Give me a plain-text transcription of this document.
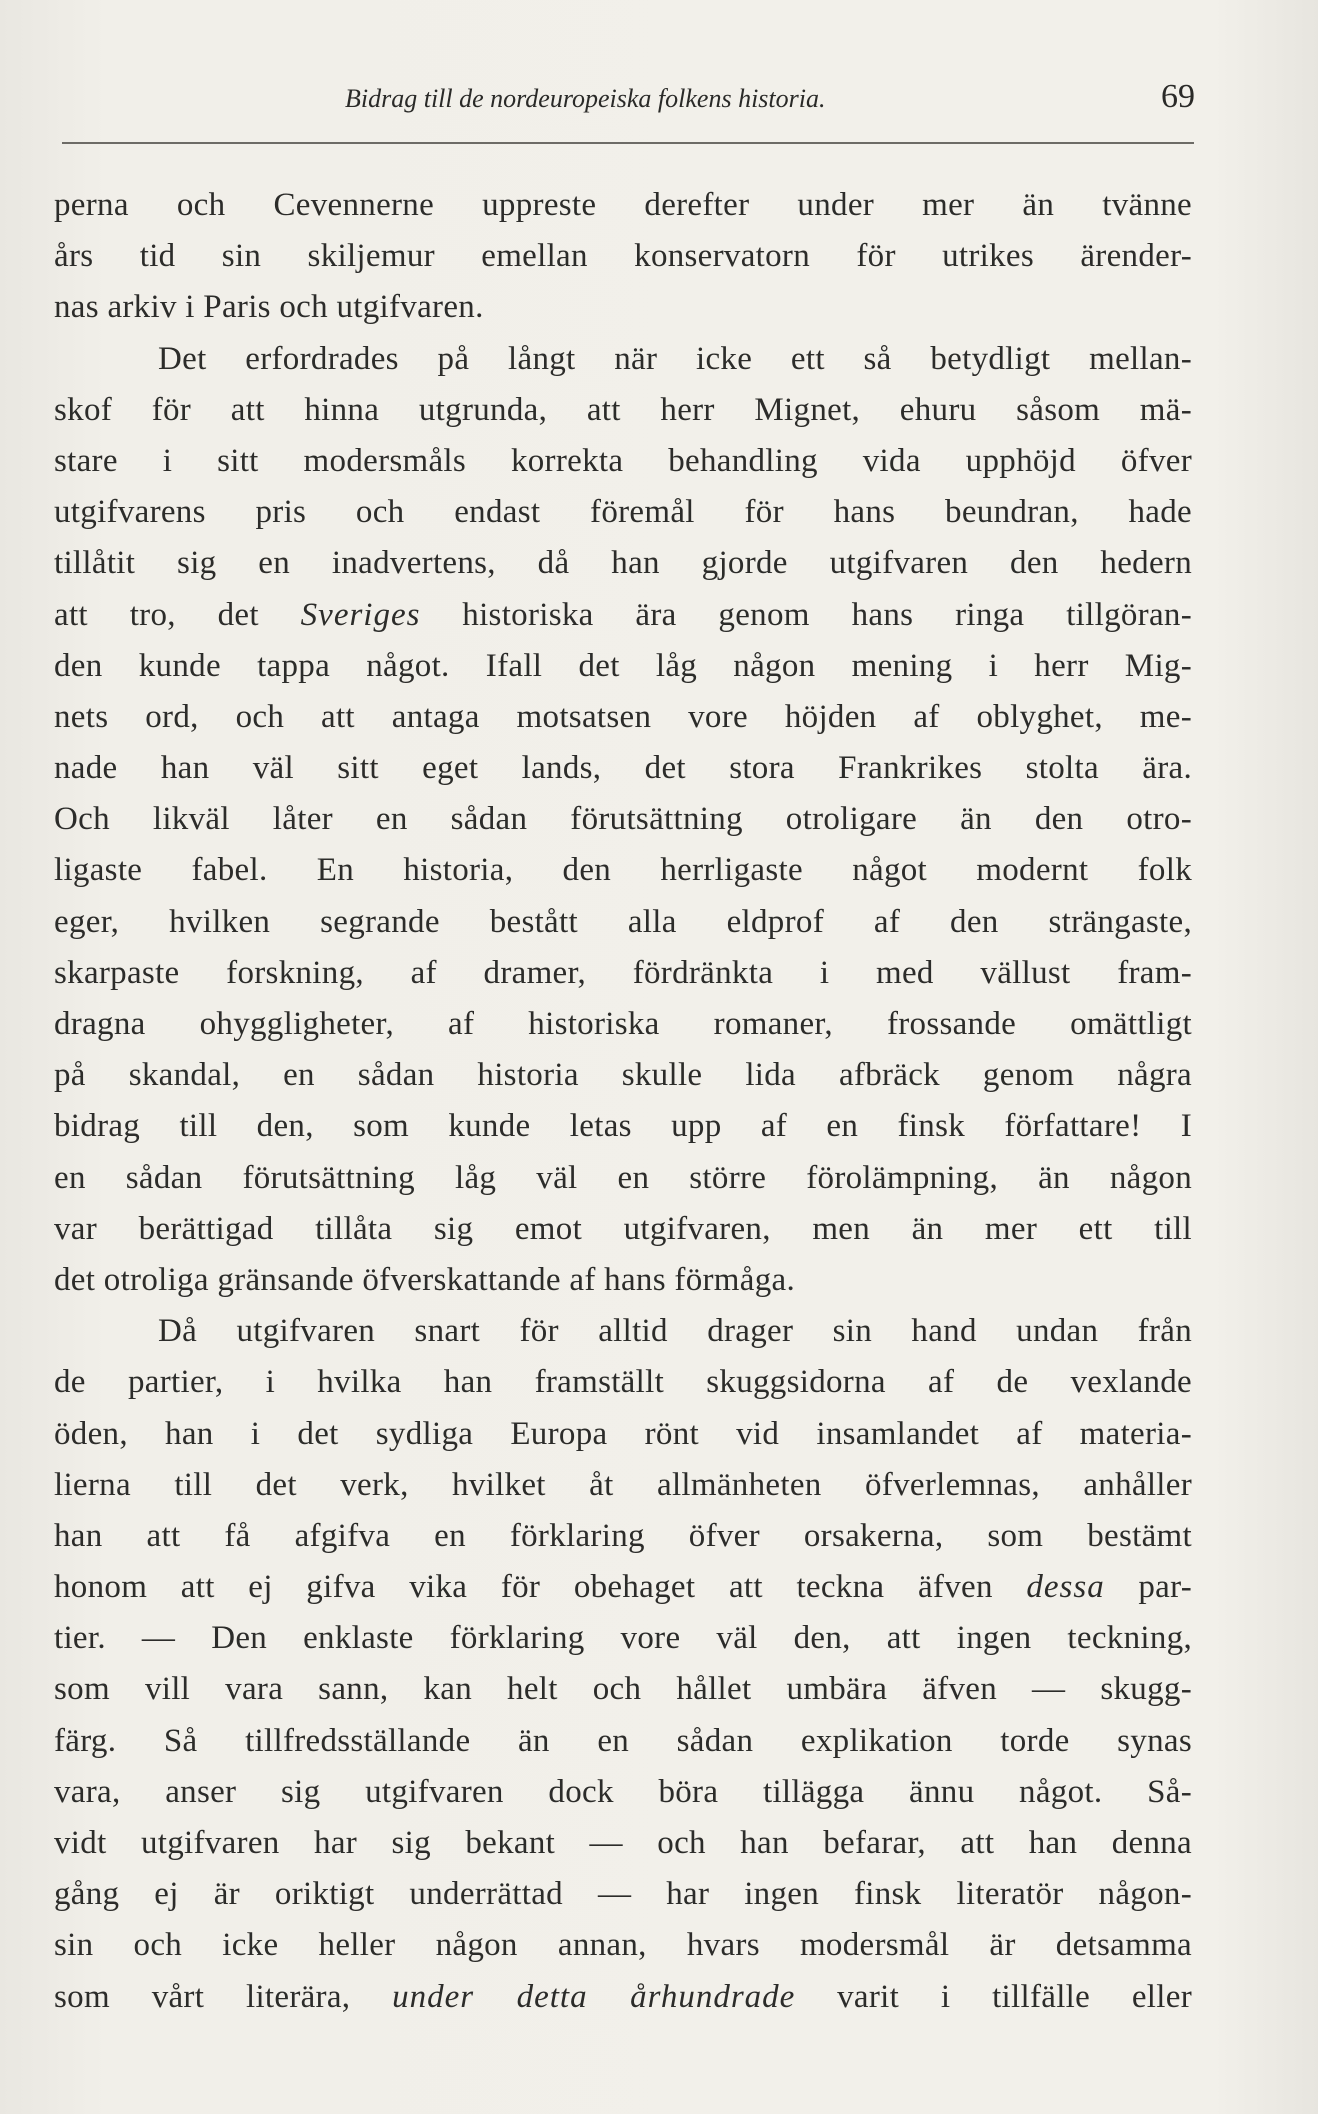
Bidrag till de nordeuropeiska folkens historia.	69
perna och Cevennerne uppreste derefter under mer än tvänne
års tid sin skiljemur emellan konservatorn för utrikes ärender-
nas arkiv i Paris och utgifvaren.
Det erfordrades på långt när icke ett så betydligt mellan-
skof för att hinna utgrunda, att herr Mignet, ehuru såsom mä-
stare i sitt modersmåls korrekta behandling vida upphöjd öfver
utgifvarens pris och endast föremål för hans beundran, hade
tillåtit sig en inadvertens, då han gjorde utgifvaren den hedern
att tro, det Sveriges historiska ära genom hans ringa tillgöran-
den kunde tappa något. Ifall det låg någon mening i herr Mig-
nets ord, och att antaga motsatsen vore höjden af oblyghet, me-
nade han väl sitt eget lands, det stora Frankrikes stolta ära.
Och likväl låter en sådan förutsättning otroligare än den otro-
ligaste fabel. En historia, den herrligaste något modernt folk
eger, hvilken segrande bestått alla eldprof af den strängaste,
skarpaste forskning, af dramer, fördränkta i med vällust fram-
dragna ohyggligheter, af historiska romaner, frossande omättligt
på skandal, en sådan historia skulle lida afbräck genom några
bidrag till den, som kunde letas upp af en finsk författare! I
en sådan förutsättning låg väl en större förolämpning, än någon
var berättigad tillåta sig emot utgifvaren, men än mer ett till
det otroliga gränsande öfverskattande af hans förmåga.
Då utgifvaren snart för alltid drager sin hand undan från
de partier, i hvilka han framställt skuggsidorna af de vexlande
öden, han i det sydliga Europa rönt vid insamlandet af materia-
lierna till det verk, hvilket åt allmänheten öfverlemnas, anhåller
han att få afgifva en förklaring öfver orsakerna, som bestämt
honom att ej gifva vika för obehaget att teckna äfven dessa par-
tier. — Den enklaste förklaring vore väl den, att ingen teckning,
som vill vara sann, kan helt och hållet umbära äfven — skugg-
färg. Så tillfredsställande än en sådan explikation torde synas
vara, anser sig utgifvaren dock böra tillägga ännu något. Så-
vidt utgifvaren har sig bekant — och han befarar, att han denna
gång ej är oriktigt underrättad — har ingen finsk literatör någon-
sin och icke heller någon annan, hvars modersmål är detsamma
som vårt literära, under detta århundrade varit i tillfälle eller
